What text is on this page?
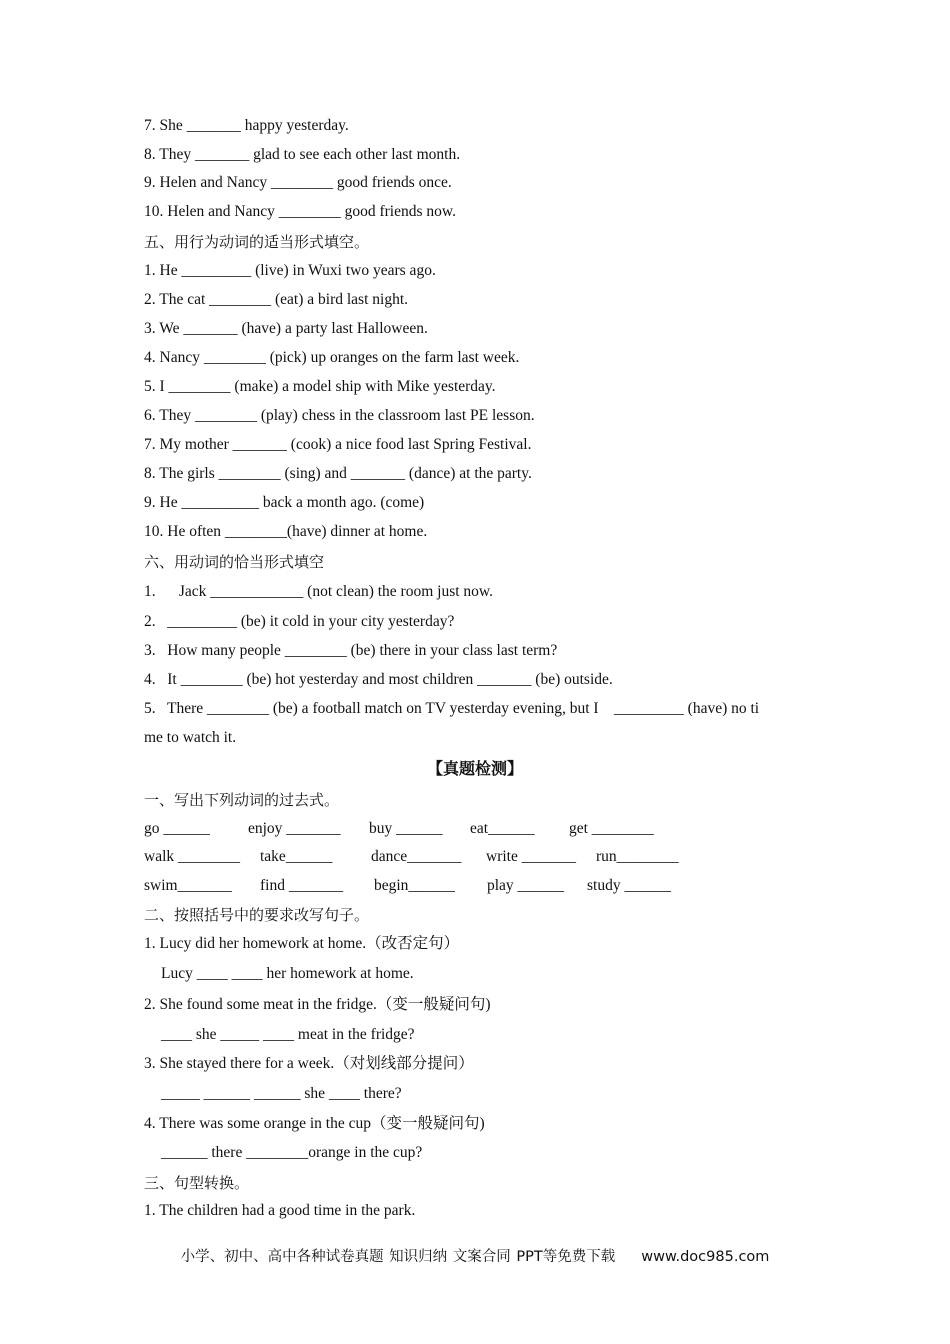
7. She _______ happy yesterday.
8. They _______ glad to see each other last month.
9. Helen and Nancy ________ good friends once.
10. Helen and Nancy ________ good friends now.
五、用行为动词的适当形式填空。
1. He _________ (live) in Wuxi two years ago.
2. The cat ________ (eat) a bird last night.
3. We _______ (have) a party last Halloween.
4. Nancy ________ (pick) up oranges on the farm last week.
5. I ________ (make) a model ship with Mike yesterday.
6. They ________ (play) chess in the classroom last PE lesson.
7. My mother _______ (cook) a nice food last Spring Festival.
8. The girls ________ (sing) and _______ (dance) at the party.
9. He __________ back a month ago. (come)
10. He often ________(have) dinner at home.
六、用动词的恰当形式填空
1.      Jack ____________ (not clean) the room just now.
2.   _________ (be) it cold in your city yesterday?
3.   How many people ________ (be) there in your class last term?
4.   It ________ (be) hot yesterday and most children _______ (be) outside.
5.   There ________ (be) a football match on TV yesterday evening, but I    _________ (have) no ti
me to watch it.
【真题检测】
一、写出下列动词的过去式。
go ______ enjoy _______ buy ______ eat______ get ________
walk ________ take______ dance_______ write _______ run________
swim_______ find _______ begin______ play ______ study ______
二、按照括号中的要求改写句子。
1. Lucy did her homework at home.（改否定句）
Lucy ____ ____ her homework at home.
2. She found some meat in the fridge.（变一般疑问句)
____ she _____ ____ meat in the fridge?
3. She stayed there for a week.（对划线部分提问）
_____ ______ ______ she ____ there?
4. There was some orange in the cup（变一般疑问句)
______ there ________orange in the cup?
三、句型转换。
1. The children had a good time in the park.
小学、初中、高中各种试卷真题 知识归纳 文案合同 PPT等免费下载 www.doc985.com
